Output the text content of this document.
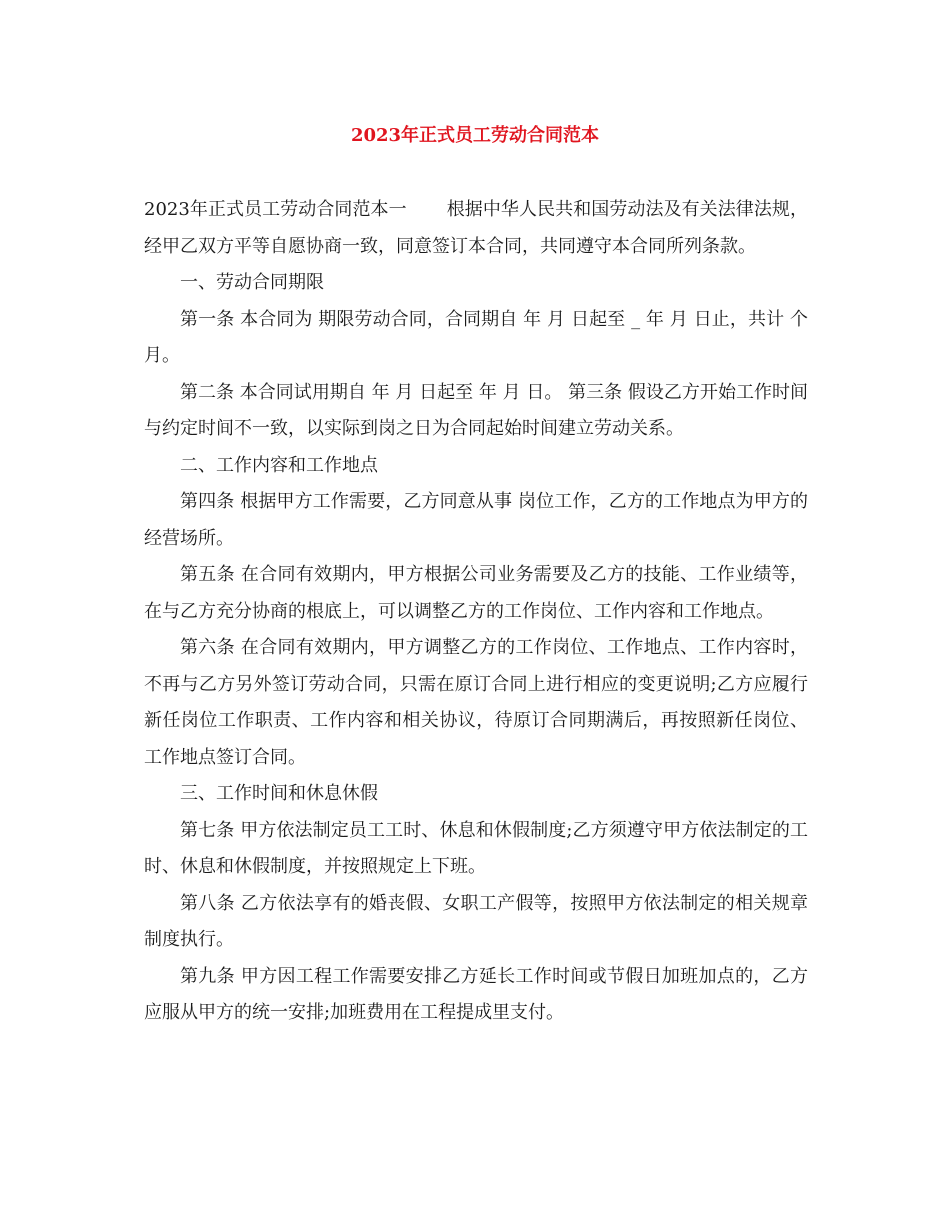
2023年正式员工劳动合同范本

2023年正式员工劳动合同范本一 根据中华人民共和国劳动法及有关法律法规，经甲乙双方平等自愿协商一致，同意签订本合同，共同遵守本合同所列条款。

一、劳动合同期限

第一条 本合同为 期限劳动合同，合同期自 年 月 日起至 _ 年 月 日止，共计 个月。

第二条 本合同试用期自 年 月 日起至 年 月 日。 第三条 假设乙方开始工作时间与约定时间不一致，以实际到岗之日为合同起始时间建立劳动关系。

二、工作内容和工作地点

第四条 根据甲方工作需要，乙方同意从事 岗位工作，乙方的工作地点为甲方的经营场所。

第五条 在合同有效期内，甲方根据公司业务需要及乙方的技能、工作业绩等，在与乙方充分协商的根底上，可以调整乙方的工作岗位、工作内容和工作地点。

第六条 在合同有效期内，甲方调整乙方的工作岗位、工作地点、工作内容时，不再与乙方另外签订劳动合同，只需在原订合同上进行相应的变更说明;乙方应履行新任岗位工作职责、工作内容和相关协议，待原订合同期满后，再按照新任岗位、工作地点签订合同。

三、工作时间和休息休假

第七条 甲方依法制定员工工时、休息和休假制度;乙方须遵守甲方依法制定的工时、休息和休假制度，并按照规定上下班。

第八条 乙方依法享有的婚丧假、女职工产假等，按照甲方依法制定的相关规章制度执行。

第九条 甲方因工程工作需要安排乙方延长工作时间或节假日加班加点的，乙方应服从甲方的统一安排;加班费用在工程提成里支付。
